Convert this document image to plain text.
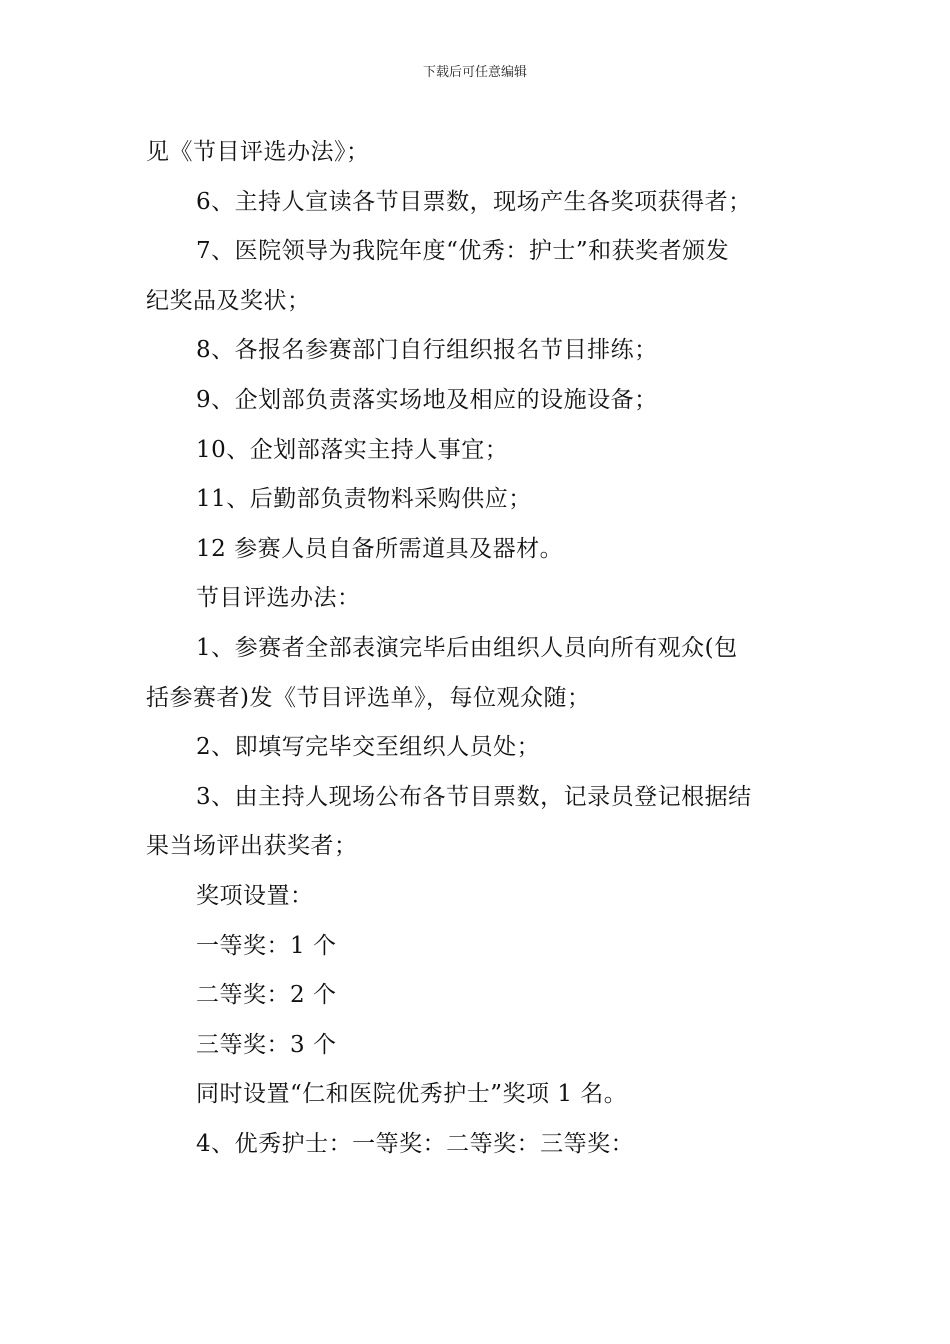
下载后可任意编辑

见《节目评选办法》；

6、主持人宣读各节目票数，现场产生各奖项获得者；

7、医院领导为我院年度“优秀：护士”和获奖者颁发

纪奖品及奖状；

8、各报名参赛部门自行组织报名节目排练；

9、企划部负责落实场地及相应的设施设备；

10、企划部落实主持人事宜；

11、后勤部负责物料采购供应；

12 参赛人员自备所需道具及器材。

节目评选办法：

1、参赛者全部表演完毕后由组织人员向所有观众(包

括参赛者)发《节目评选单》，每位观众随；

2、即填写完毕交至组织人员处；

3、由主持人现场公布各节目票数，记录员登记根据结

果当场评出获奖者；

奖项设置：

一等奖：1 个

二等奖：2 个

三等奖：3 个

同时设置“仁和医院优秀护士”奖项 1 名。

4、优秀护士：一等奖：二等奖：三等奖：
